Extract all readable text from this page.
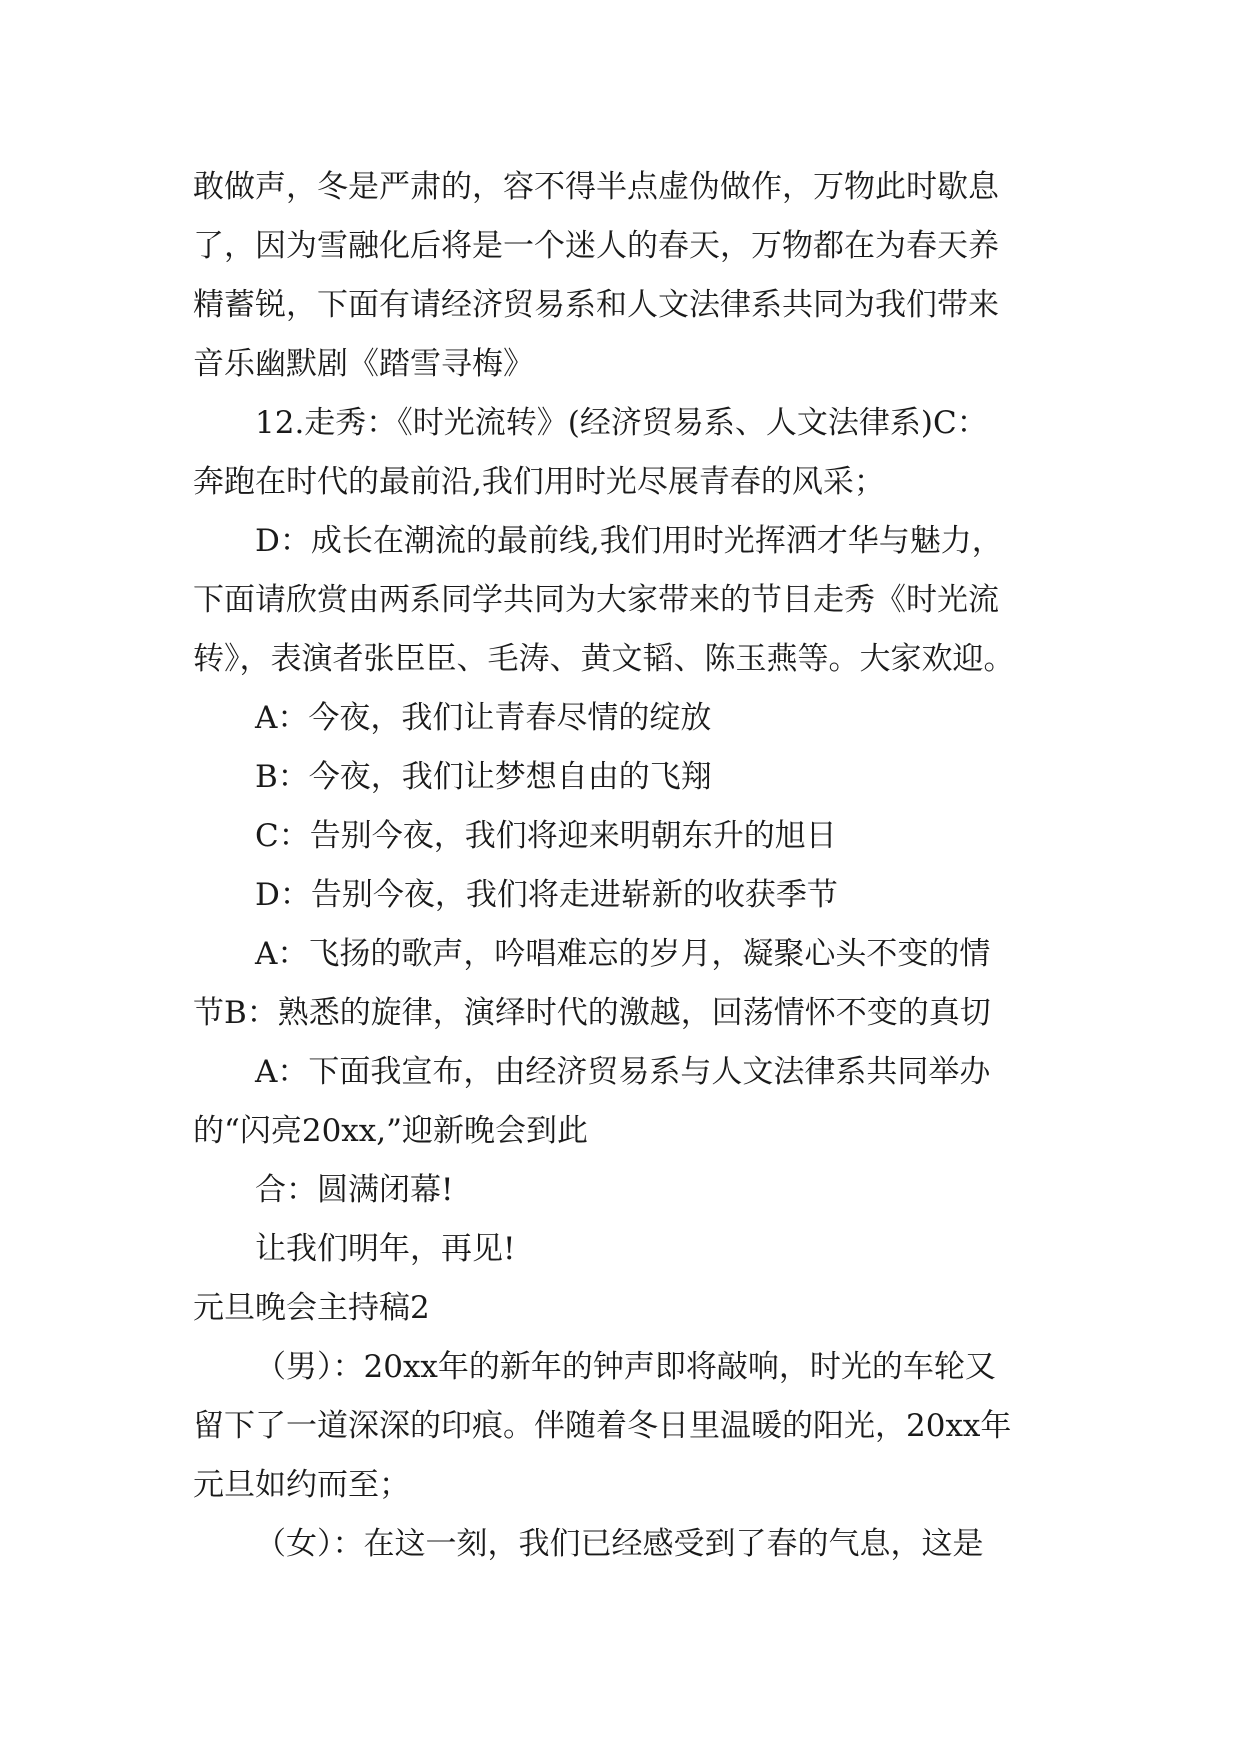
敢做声，冬是严肃的，容不得半点虚伪做作，万物此时歇息
了，因为雪融化后将是一个迷人的春天，万物都在为春天养
精蓄锐，下面有请经济贸易系和人文法律系共同为我们带来
音乐幽默剧《踏雪寻梅》
12.走秀：《时光流转》(经济贸易系、人文法律系)C：
奔跑在时代的最前沿,我们用时光尽展青春的风采；
D：成长在潮流的最前线,我们用时光挥洒才华与魅力，
下面请欣赏由两系同学共同为大家带来的节目走秀《时光流
转》，表演者张臣臣、毛涛、黄文韬、陈玉燕等。大家欢迎。
A：今夜，我们让青春尽情的绽放
B：今夜，我们让梦想自由的飞翔
C：告别今夜，我们将迎来明朝东升的旭日
D：告别今夜，我们将走进崭新的收获季节
A：飞扬的歌声，吟唱难忘的岁月，凝聚心头不变的情
节B：熟悉的旋律，演绎时代的激越，回荡情怀不变的真切
A：下面我宣布，由经济贸易系与人文法律系共同举办
的“闪亮20xx,”迎新晚会到此
合：圆满闭幕!
让我们明年，再见!
元旦晚会主持稿2
（男）：20xx年的新年的钟声即将敲响，时光的车轮又
留下了一道深深的印痕。伴随着冬日里温暖的阳光，20xx年
元旦如约而至；
（女）：在这一刻，我们已经感受到了春的气息，这是
